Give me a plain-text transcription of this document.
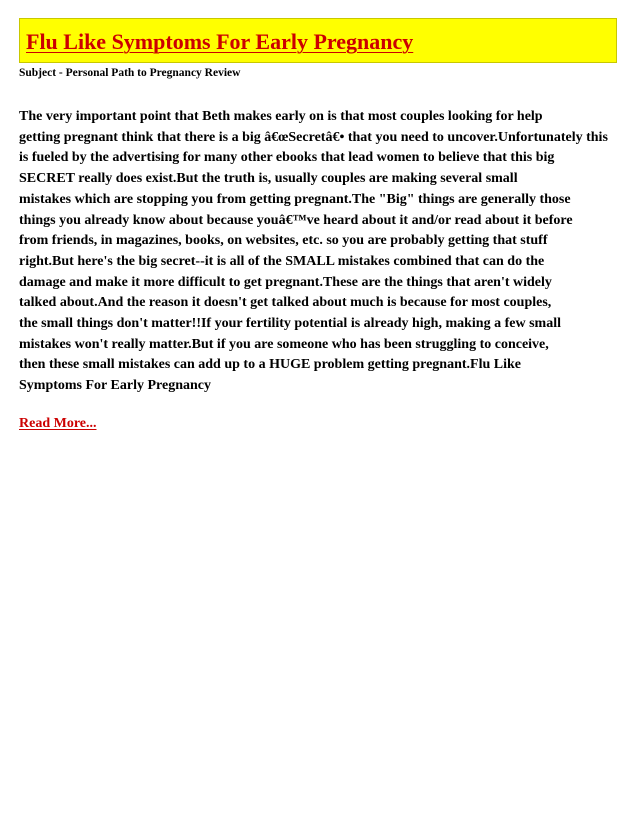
Flu Like Symptoms For Early Pregnancy

Subject - Personal Path to Pregnancy Review

The very important point that Beth makes early on is that most couples looking for help
getting pregnant think that there is a big â€œSecretâ€• that you need to uncover.Unfortunately this
is fueled by the advertising for many other ebooks that lead women to believe that this big
SECRET really does exist.But the truth is, usually couples are making several small
mistakes which are stopping you from getting pregnant.The "Big" things are generally those
things you already know about because youâ€™ve heard about it and/or read about it before
from friends, in magazines, books, on websites, etc. so you are probably getting that stuff
right.But here's the big secret--it is all of the SMALL mistakes combined that can do the
damage and make it more difficult to get pregnant.These are the things that aren't widely
talked about.And the reason it doesn't get talked about much is because for most couples,
the small things don't matter!!If your fertility potential is already high, making a few small
mistakes won't really matter.But if you are someone who has been struggling to conceive,
then these small mistakes can add up to a HUGE problem getting pregnant.Flu Like
Symptoms For Early Pregnancy

Read More...
